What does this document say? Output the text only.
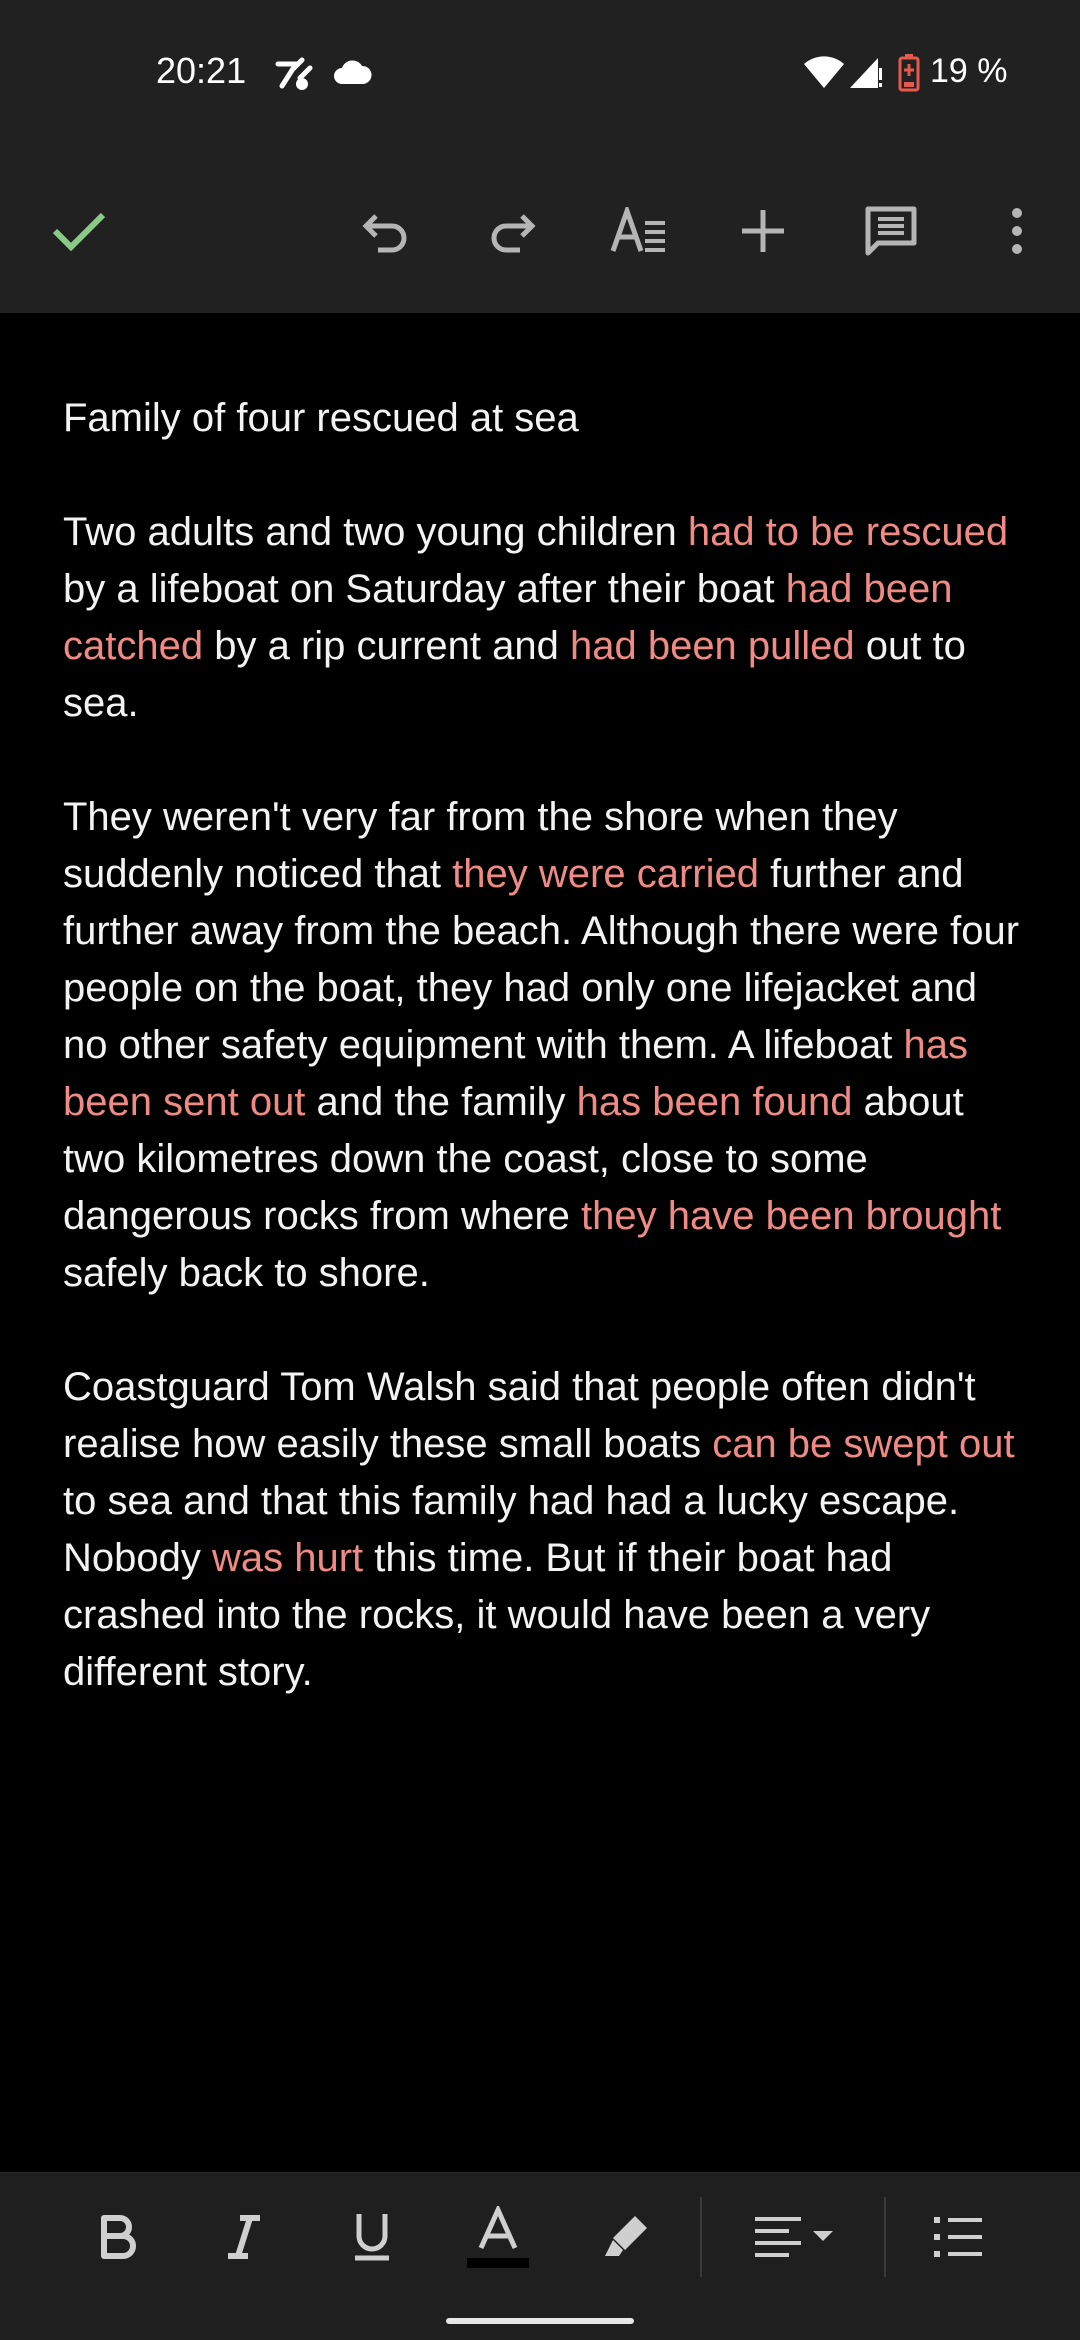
20:21	19 %

Family of four rescued at sea

Two adults and two young children had to be rescued by a lifeboat on Saturday after their boat had been catched by a rip current and had been pulled out to sea.

They weren't very far from the shore when they suddenly noticed that they were carried further and further away from the beach. Although there were four people on the boat, they had only one lifejacket and no other safety equipment with them. A lifeboat has been sent out and the family has been found about two kilometres down the coast, close to some dangerous rocks from where they have been brought safely back to shore.

Coastguard Tom Walsh said that people often didn't realise how easily these small boats can be swept out to sea and that this family had had a lucky escape. Nobody was hurt this time. But if their boat had crashed into the rocks, it would have been a very different story.
